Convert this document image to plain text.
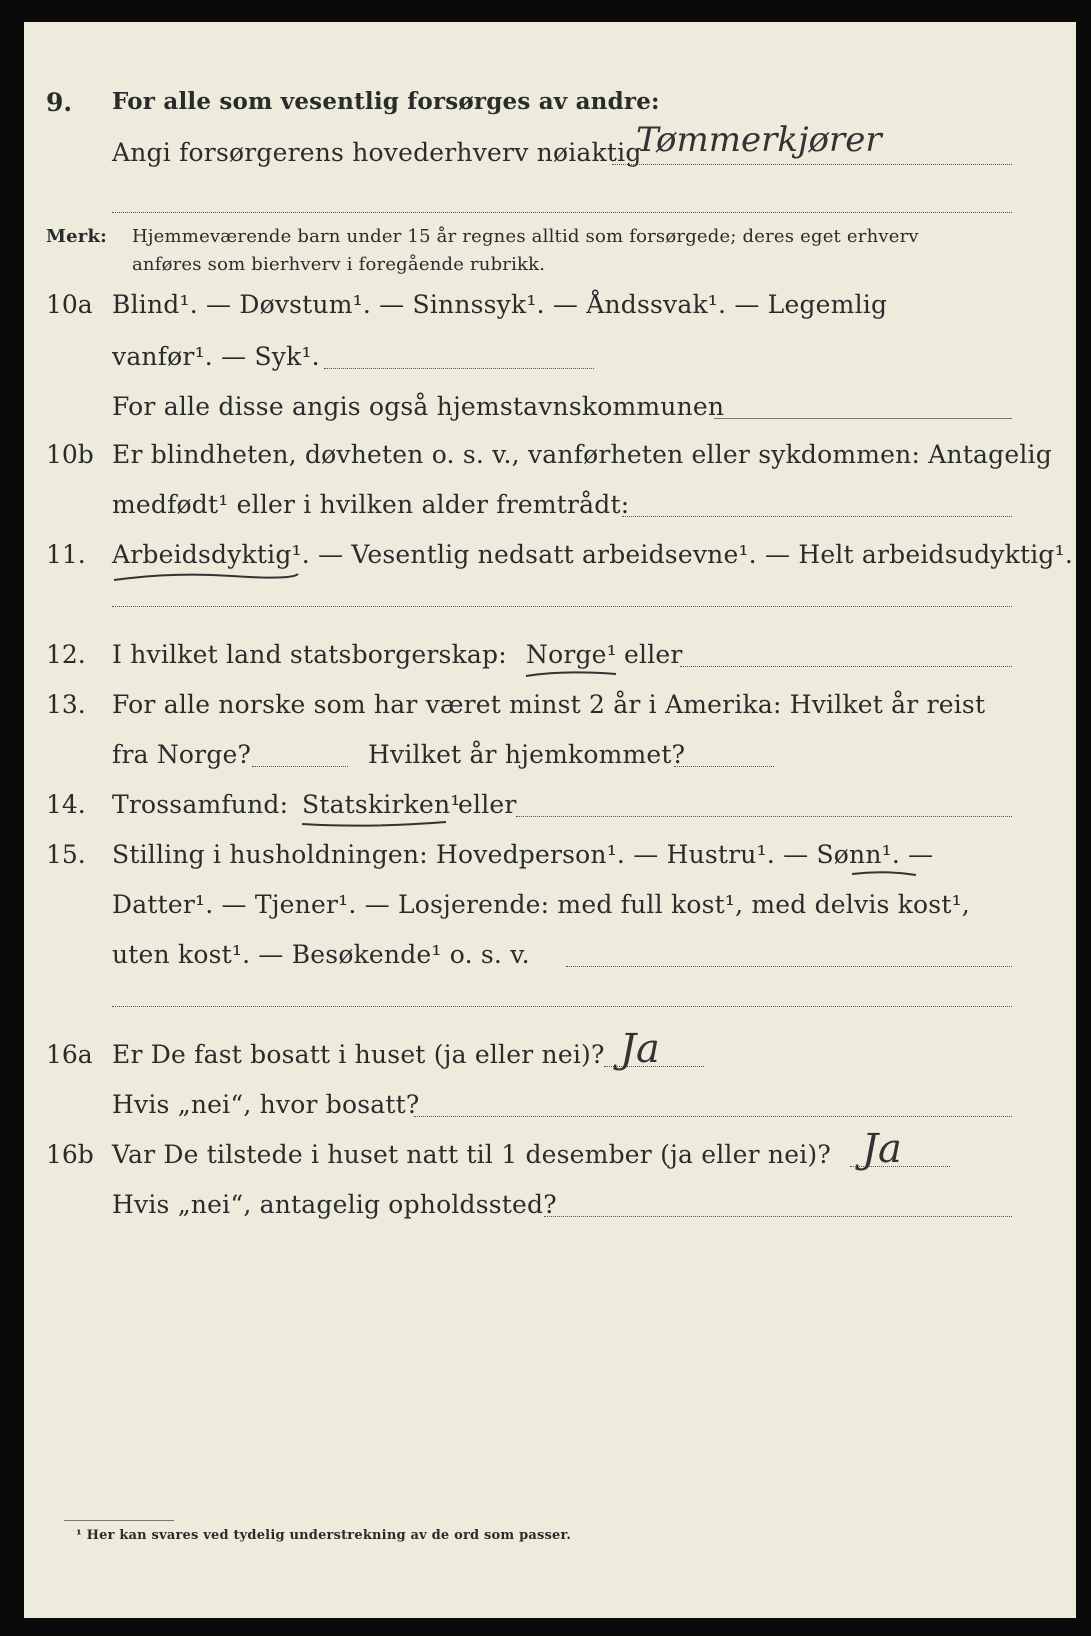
9. For alle som vesentlig forsørges av andre:
Angi forsørgerens hovederhverv nøiaktig
Tømmerkjører
Merk: Hjemmeværende barn under 15 år regnes alltid som forsørgede; deres eget erhverv
anføres som bierhverv i foregående rubrikk.
10a Blind¹. — Døvstum¹. — Sinnssyk¹. — Åndssvak¹. — Legemlig
vanfør¹. — Syk¹.
For alle disse angis også hjemstavnskommunen
10b Er blindheten, døvheten o. s. v., vanførheten eller sykdommen: Antagelig
medfødt¹ eller i hvilken alder fremtrådt:
11. Arbeidsdyktig¹. — Vesentlig nedsatt arbeidsevne¹. — Helt arbeidsudyktig¹.
12. I hvilket land statsborgerskap: Norge¹ eller
13. For alle norske som har været minst 2 år i Amerika: Hvilket år reist
fra Norge?	Hvilket år hjemkommet?
14. Trossamfund: Statskirken¹
eller
15. Stilling i husholdningen: Hovedperson¹. — Hustru¹. — Sønn¹. —
Datter¹. — Tjener¹. — Losjerende: med full kost¹, med delvis kost¹,
uten kost¹. — Besøkende¹ o. s. v.
16a Er De fast bosatt i huset (ja eller nei)? Ja
Hvis „nei“, hvor bosatt?
16b Var De tilstede i huset natt til 1 desember (ja eller nei)? Ja
Hvis „nei“, antagelig opholdssted?
¹ Her kan svares ved tydelig understrekning av de ord som passer.
